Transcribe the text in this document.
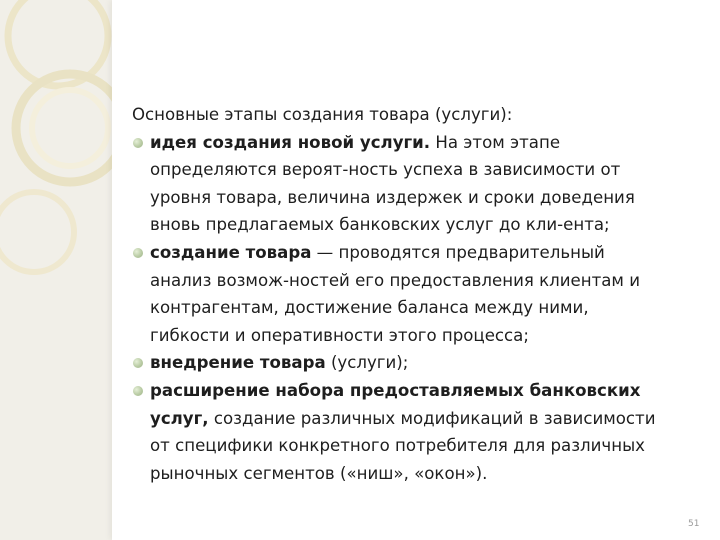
Основные этапы создания товара (услуги):

идея создания новой услуги. На этом этапе
определяются вероят-ность успеха в зависимости от
уровня товара, величина издержек и сроки доведения
вновь предлагаемых банковских услуг до кли-ента;
создание товара — проводятся предварительный
анализ возмож-ностей его предоставления клиентам и
контрагентам, достижение баланса между ними,
гибкости и оперативности этого процесса;
внедрение товара (услуги);
расширение набора предоставляемых банковских
услуг, создание различных модификаций в зависимости
от специфики конкретного потребителя для различных
рыночных сегментов («ниш», «окон»).
51
